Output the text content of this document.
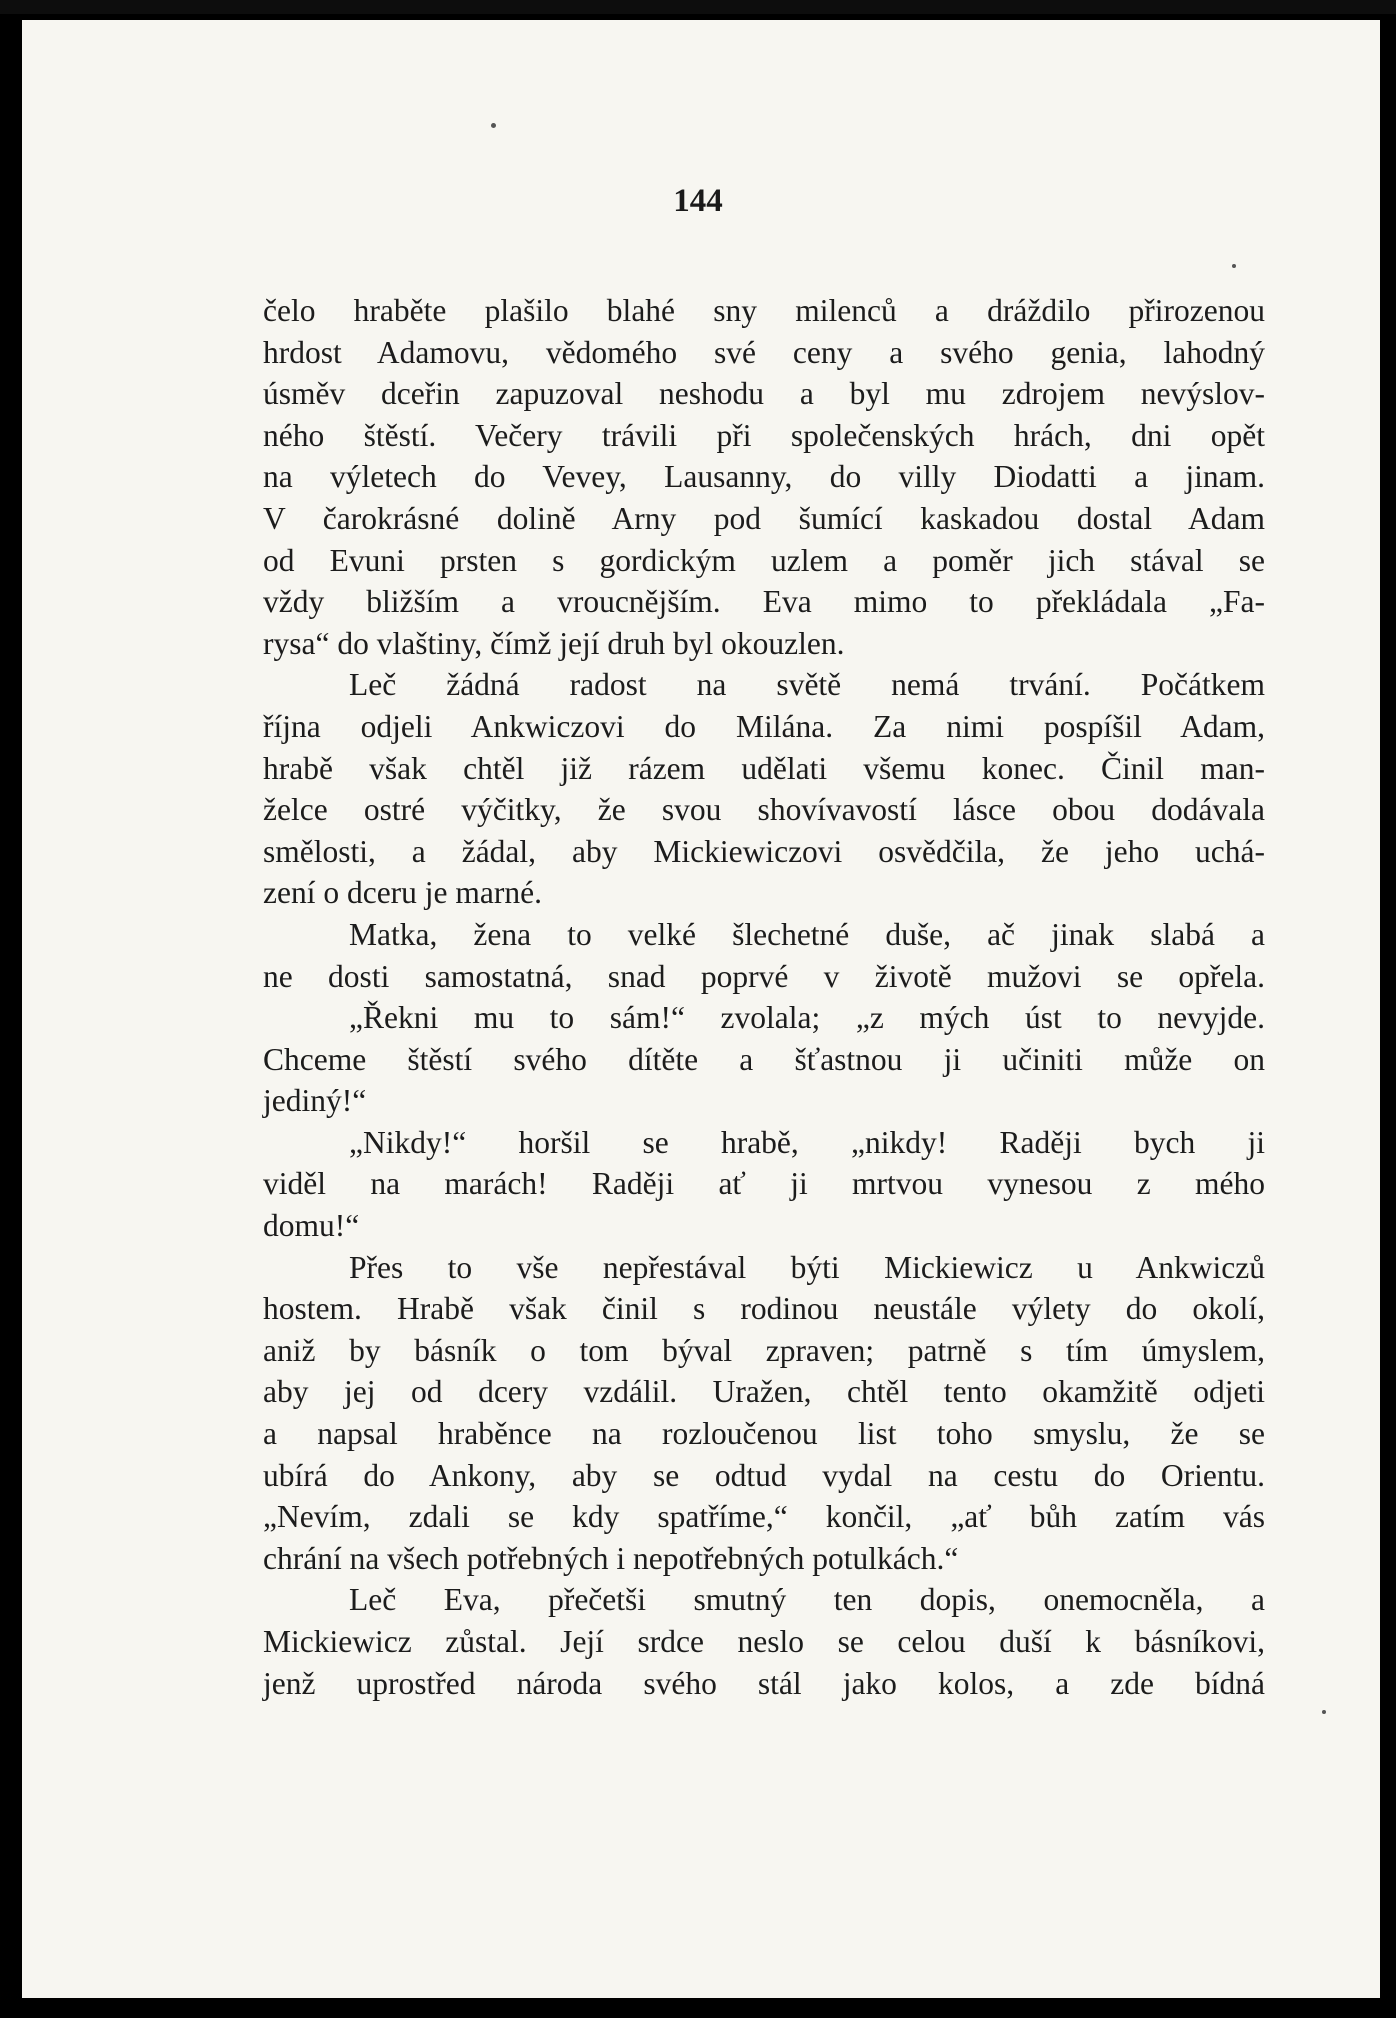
144
čelo hraběte plašilo blahé sny milenců a dráždilo přirozenou
hrdost Adamovu, vědomého své ceny a svého genia, lahodný
úsměv dceřin zapuzoval neshodu a byl mu zdrojem nevýslov-
ného štěstí. Večery trávili při společenských hrách, dni opět
na výletech do Vevey, Lausanny, do villy Diodatti a jinam.
V čarokrásné dolině Arny pod šumící kaskadou dostal Adam
od Evuni prsten s gordickým uzlem a poměr jich stával se
vždy bližším a vroucnějším. Eva mimo to překládala „Fa-
rysa“ do vlaštiny, čímž její druh byl okouzlen.
Leč žádná radost na světě nemá trvání. Počátkem
října odjeli Ankwiczovi do Milána. Za nimi pospíšil Adam,
hrabě však chtěl již rázem udělati všemu konec. Činil man-
želce ostré výčitky, že svou shovívavostí lásce obou dodávala
smělosti, a žádal, aby Mickiewiczovi osvědčila, že jeho uchá-
zení o dceru je marné.
Matka, žena to velké šlechetné duše, ač jinak slabá a
ne dosti samostatná, snad poprvé v životě mužovi se opřela.
„Řekni mu to sám!“ zvolala; „z mých úst to nevyjde.
Chceme štěstí svého dítěte a šťastnou ji učiniti může on
jediný!“
„Nikdy!“ horšil se hrabě, „nikdy! Raději bych ji
viděl na marách! Raději ať ji mrtvou vynesou z mého
domu!“
Přes to vše nepřestával býti Mickiewicz u Ankwiczů
hostem. Hrabě však činil s rodinou neustále výlety do okolí,
aniž by básník o tom býval zpraven; patrně s tím úmyslem,
aby jej od dcery vzdálil. Uražen, chtěl tento okamžitě odjeti
a napsal hraběnce na rozloučenou list toho smyslu, že se
ubírá do Ankony, aby se odtud vydal na cestu do Orientu.
„Nevím, zdali se kdy spatříme,“ končil, „ať bůh zatím vás
chrání na všech potřebných i nepotřebných potulkách.“
Leč Eva, přečetši smutný ten dopis, onemocněla, a
Mickiewicz zůstal. Její srdce neslo se celou duší k básníkovi,
jenž uprostřed národa svého stál jako kolos, a zde bídná
